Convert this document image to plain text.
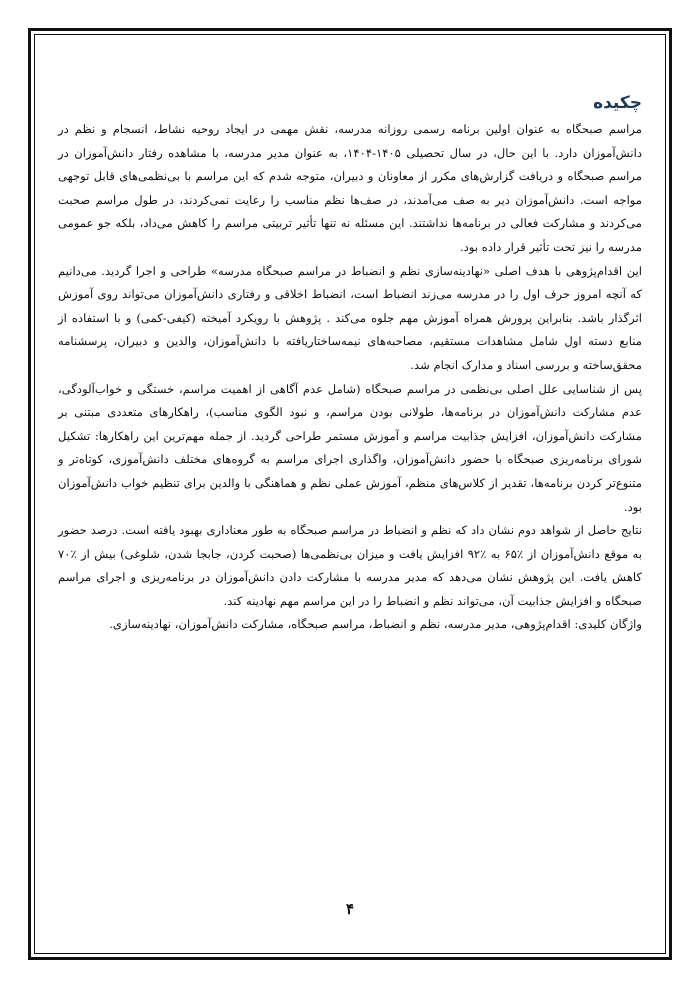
چکیده

مراسم صبحگاه به عنوان اولین برنامه رسمی روزانه مدرسه، نقش مهمی در ایجاد روحیه نشاط، انسجام و نظم در دانش‌آموزان دارد. با این حال، در سال تحصیلی ۱۴۰۵-۱۴۰۴، به عنوان مدیر مدرسه، با مشاهده رفتار دانش‌آموزان در مراسم صبحگاه و دریافت گزارش‌های مکرر از معاونان و دبیران، متوجه شدم که این مراسم با بی‌نظمی‌های قابل توجهی مواجه است. دانش‌آموزان دیر به صف می‌آمدند، در صف‌ها نظم مناسب را رعایت نمی‌کردند، در طول مراسم صحبت می‌کردند و مشارکت فعالی در برنامه‌ها نداشتند. این مسئله نه تنها تأثیر تربیتی مراسم را کاهش می‌داد، بلکه جو عمومی مدرسه را نیز تحت تأثیر قرار داده بود.

این اقدام‌پژوهی با هدف اصلی «نهادینه‌سازی نظم و انضباط در مراسم صبحگاه مدرسه» طراحی و اجرا گردید. می‌دانیم که آنچه امروز حرف اول را در مدرسه می‌زند انضباط است، انضباط اخلاقی و رفتاری دانش‌آموزان می‌تواند روی آموزش اثرگذار باشد. بنابراین پرورش همراه آموزش مهم جلوه می‌کند . پژوهش با رویکرد آمیخته (کیفی-کمی) و با استفاده از منابع دسته اول شامل مشاهدات مستقیم، مصاحبه‌های نیمه‌ساختاریافته با دانش‌آموزان، والدین و دبیران، پرسشنامه محقق‌ساخته و بررسی اسناد و مدارک انجام شد.

پس از شناسایی علل اصلی بی‌نظمی در مراسم صبحگاه (شامل عدم آگاهی از اهمیت مراسم، خستگی و خواب‌آلودگی، عدم مشارکت دانش‌آموزان در برنامه‌ها، طولانی بودن مراسم، و نبود الگوی مناسب)، راهکارهای متعددی مبتنی بر مشارکت دانش‌آموزان، افزایش جذابیت مراسم و آموزش مستمر طراحی گردید. از جمله مهم‌ترین این راهکارها: تشکیل شورای برنامه‌ریزی صبحگاه با حضور دانش‌آموزان، واگذاری اجرای مراسم به گروه‌های مختلف دانش‌آموزی، کوتاه‌تر و متنوع‌تر کردن برنامه‌ها، تقدیر از کلاس‌های منظم، آموزش عملی نظم و هماهنگی با والدین برای تنظیم خواب دانش‌آموزان بود.

نتایج حاصل از شواهد دوم نشان داد که نظم و انضباط در مراسم صبحگاه به طور معناداری بهبود یافته است. درصد حضور به موقع دانش‌آموزان از ٪۶۵ به ٪۹۲ افزایش یافت و میزان بی‌نظمی‌ها (صحبت کردن، جابجا شدن، شلوغی) بیش از ٪۷۰ کاهش یافت. این پژوهش نشان می‌دهد که مدیر مدرسه با مشارکت دادن دانش‌آموزان در برنامه‌ریزی و اجرای مراسم صبحگاه و افزایش جذابیت آن، می‌تواند نظم و انضباط را در این مراسم مهم نهادینه کند.

واژگان کلیدی: اقدام‌پژوهی، مدیر مدرسه، نظم و انضباط، مراسم صبحگاه، مشارکت دانش‌آموزان، نهادینه‌سازی.

۴
